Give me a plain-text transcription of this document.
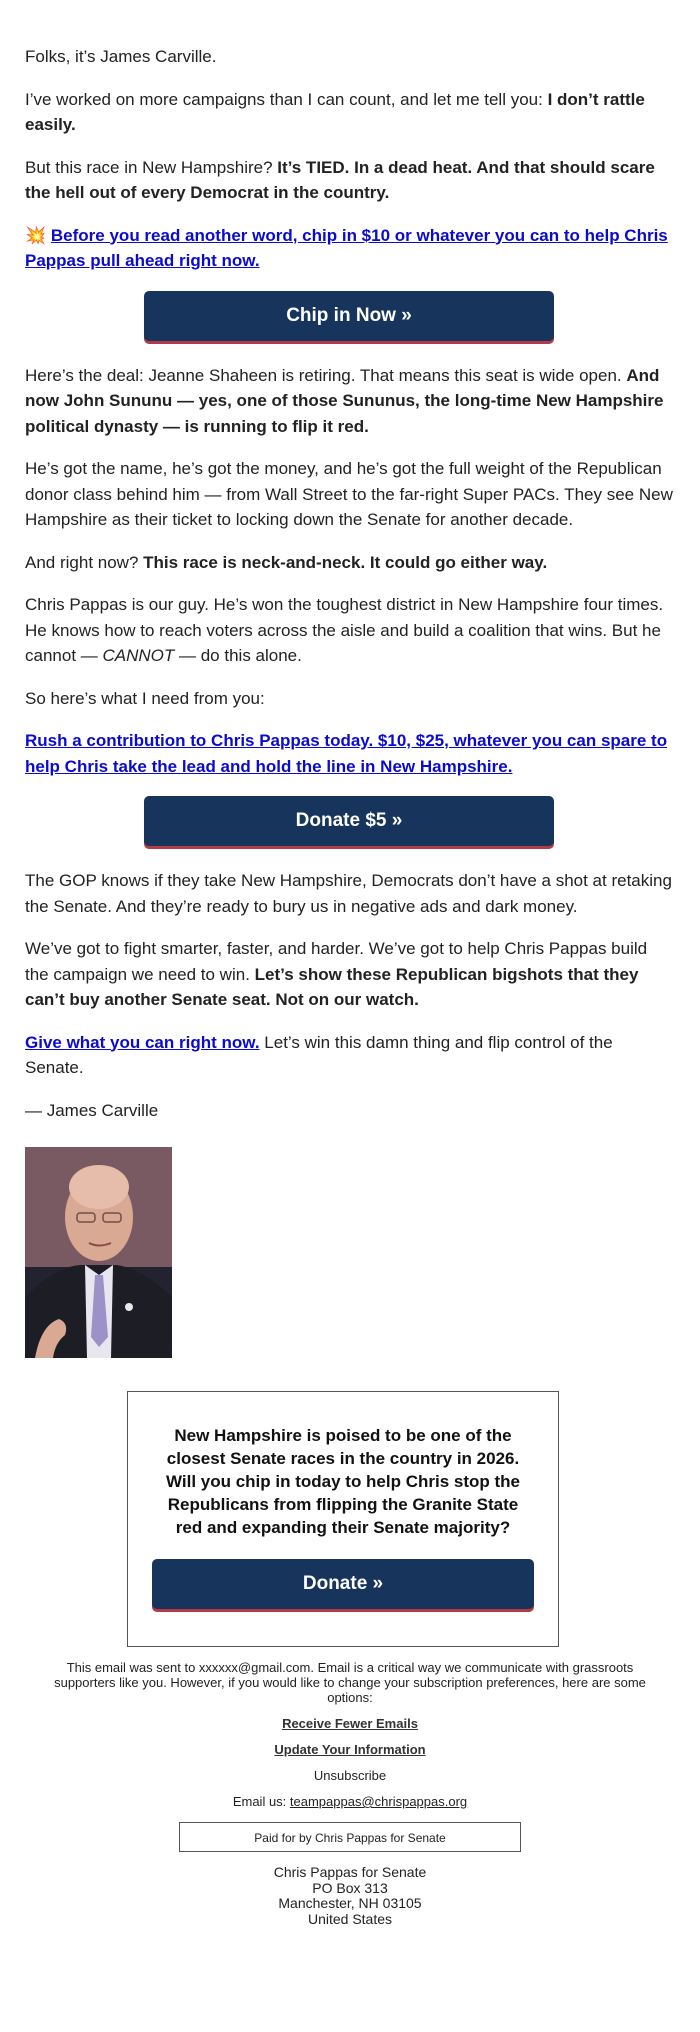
Folks, it’s James Carville.

I’ve worked on more campaigns than I can count, and let me tell you: I don’t rattle easily.

But this race in New Hampshire? It’s TIED. In a dead heat. And that should scare the hell out of every Democrat in the country.

💥 Before you read another word, chip in $10 or whatever you can to help Chris Pappas pull ahead right now.

Chip in Now »

Here’s the deal: Jeanne Shaheen is retiring. That means this seat is wide open. And now John Sununu — yes, one of those Sununus, the long-time New Hampshire political dynasty — is running to flip it red.

He’s got the name, he’s got the money, and he’s got the full weight of the Republican donor class behind him — from Wall Street to the far-right Super PACs. They see New Hampshire as their ticket to locking down the Senate for another decade.

And right now? This race is neck-and-neck. It could go either way.

Chris Pappas is our guy. He’s won the toughest district in New Hampshire four times. He knows how to reach voters across the aisle and build a coalition that wins. But he cannot — CANNOT — do this alone.

So here’s what I need from you:

Rush a contribution to Chris Pappas today. $10, $25, whatever you can spare to help Chris take the lead and hold the line in New Hampshire.

Donate $5 »

The GOP knows if they take New Hampshire, Democrats don’t have a shot at retaking the Senate. And they’re ready to bury us in negative ads and dark money.

We’ve got to fight smarter, faster, and harder. We’ve got to help Chris Pappas build the campaign we need to win. Let’s show these Republican bigshots that they can’t buy another Senate seat. Not on our watch.

Give what you can right now. Let’s win this damn thing and flip control of the Senate.

— James Carville

New Hampshire is poised to be one of the closest Senate races in the country in 2026. Will you chip in today to help Chris stop the Republicans from flipping the Granite State red and expanding their Senate majority?
Donate »
This email was sent to xxxxxx@gmail.com. Email is a critical way we communicate with grassroots supporters like you. However, if you would like to change your subscription preferences, here are some options:
Receive Fewer Emails
Update Your Information
Unsubscribe
Email us: teampappas@chrispappas.org
Paid for by Chris Pappas for Senate
Chris Pappas for Senate
PO Box 313
Manchester, NH 03105
United States
